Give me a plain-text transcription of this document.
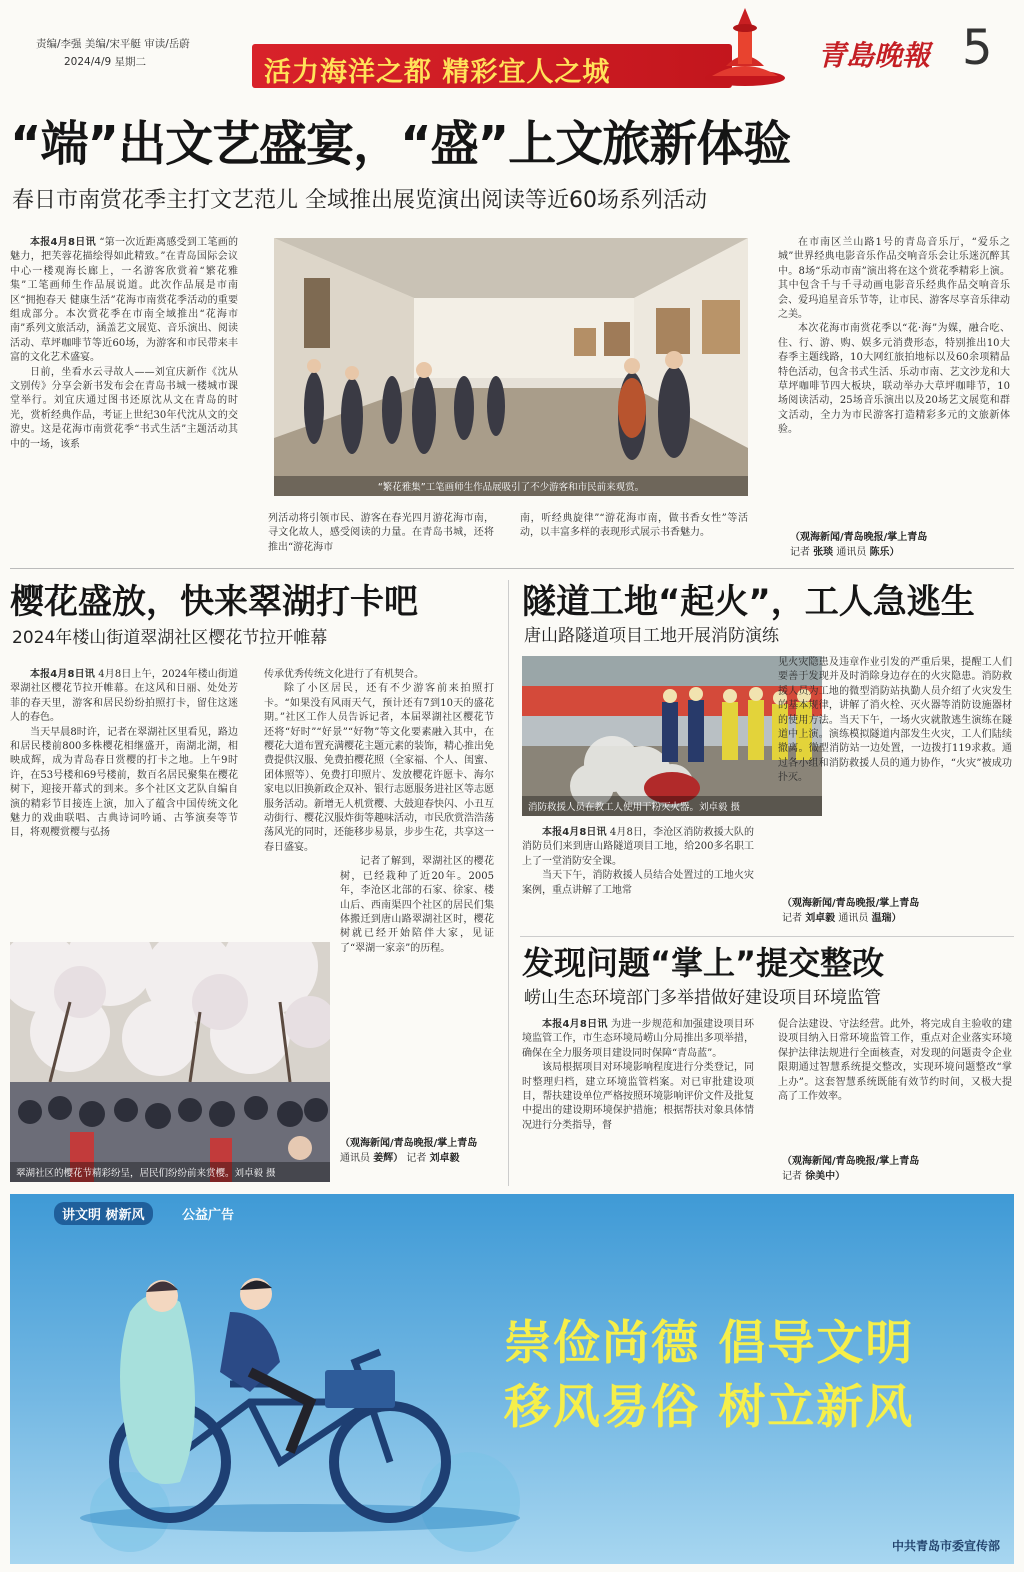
责编/李强 美编/宋平艇 审读/岳蔚
2024/4/9 星期二	活力海洋之都 精彩宜人之城
青島晚報 5
“端”出文艺盛宴，“盛”上文旅新体验
春日市南赏花季主打文艺范儿 全域推出展览演出阅读等近60场系列活动

本报4月8日讯 “第一次近距离感受到工笔画的魅力，把芙蓉花描绘得如此精致。”在青岛国际会议中心一楼观海长廊上，一名游客欣赏着“繁花雅集”工笔画师生作品展说道。此次作品展是市南区“拥抱春天 健康生活”花海市南赏花季活动的重要组成部分。本次赏花季在市南全域推出“花海市南”系列文旅活动，涵盖艺文展览、音乐演出、阅读活动、草坪咖啡节等近60场，为游客和市民带来丰富的文化艺术盛宴。

日前，坐看水云寻故人——刘宜庆新作《沈从文别传》分享会新书发布会在青岛书城一楼城市课堂举行。刘宜庆通过图书还原沈从文在青岛的时光，赏析经典作品，考证上世纪30年代沈从文的交游史。这是花海市南赏花季“书式生活”主题活动其中的一场，该系

“繁花雅集”工笔画师生作品展吸引了不少游客和市民前来观赏。

列活动将引领市民、游客在春光四月游花海市南，寻文化故人，感受阅读的力量。在青岛书城，还将推出“游花海市

南，听经典旋律”“游花海市南，做书香女性”等活动，以丰富多样的表现形式展示书香魅力。

在市南区兰山路1号的青岛音乐厅，“爱乐之城”世界经典电影音乐作品交响音乐会让乐迷沉醉其中。8场“乐动市南”演出将在这个赏花季精彩上演。其中包含千与千寻动画电影音乐经典作品交响音乐会、爱玛追星音乐节等，让市民、游客尽享音乐律动之美。

本次花海市南赏花季以“花·海”为媒，融合吃、住、行、游、购、娱多元消费形态，特别推出10大春季主题线路，10大网红旅拍地标以及60余项精品特色活动，包含书式生活、乐动市南、艺文沙龙和大草坪咖啡节四大板块，联动举办大草坪咖啡节，10场阅读活动，25场音乐演出以及20场艺文展览和群文活动，全力为市民游客打造精彩多元的文旅新体验。

（观海新闻/青岛晚报/掌上青岛
记者 张琰 通讯员 陈乐）
樱花盛放，快来翠湖打卡吧
2024年楼山街道翠湖社区樱花节拉开帷幕

本报4月8日讯 4月8日上午，2024年楼山街道翠湖社区樱花节拉开帷幕。在这风和日丽、处处芳菲的春天里，游客和居民纷纷拍照打卡，留住这迷人的春色。

当天早晨8时许，记者在翠湖社区里看见，路边和居民楼前800多株樱花相继盛开，南湖北湖，相映成辉，成为青岛春日赏樱的打卡之地。上午9时许，在53号楼和69号楼前，数百名居民聚集在樱花树下，迎接开幕式的到来。多个社区文艺队自编自演的精彩节目接连上演，加入了蕴含中国传统文化魅力的戏曲联唱、古典诗词吟诵、古筝演奏等节目，将观樱赏樱与弘扬

传承优秀传统文化进行了有机契合。

除了小区居民，还有不少游客前来拍照打卡。“如果没有风雨天气，预计还有7到10天的盛花期。”社区工作人员告诉记者，本届翠湖社区樱花节还将“好时”“好景”“好物”等文化要素融入其中，在樱花大道布置充满樱花主题元素的装饰，精心推出免费提供汉服、免费拍樱花照（全家福、个人、闺蜜、团体照等）、免费打印照片、发放樱花许愿卡、海尔家电以旧换新政企双补、银行志愿服务进社区等志愿服务活动。新增无人机赏樱、大鼓迎春快闪、小丑互动街行、樱花汉服炸街等趣味活动，市民欣赏浩浩荡荡风光的同时，还能移步易景，步步生花，共享这一春日盛宴。

记者了解到，翠湖社区的樱花树，已经栽种了近20年。2005年，李沧区北部的石家、徐家、楼山后、西南渠四个社区的居民们集体搬迁到唐山路翠湖社区时，樱花树就已经开始陪伴大家，见证了“翠湖一家亲”的历程。

翠湖社区的樱花节精彩纷呈，居民们纷纷前来赏樱。刘卓毅 摄
（观海新闻/青岛晚报/掌上青岛
通讯员 姜辉） 记者 刘卓毅
隧道工地“起火”，工人急逃生
唐山路隧道项目工地开展消防演练
消防救援人员在教工人使用干粉灭火器。刘卓毅 摄

本报4月8日讯 4月8日，李沧区消防救援大队的消防员们来到唐山路隧道项目工地，给200多名职工上了一堂消防安全课。

当天下午，消防救援人员结合处置过的工地火灾案例，重点讲解了工地常

见火灾隐患及违章作业引发的严重后果，提醒工人们要善于发现并及时消除身边存在的火灾隐患。消防救援人员为工地的微型消防站执勤人员介绍了火灾发生的基本规律，讲解了消火栓、灭火器等消防设施器材的使用方法。当天下午，一场火灾就散逃生演练在隧道中上演。演练模拟隧道内部发生火灾，工人们陆续撤离。微型消防站一边处置，一边拨打119求救。通过各小组和消防救援人员的通力协作，“火灾”被成功扑灭。

（观海新闻/青岛晚报/掌上青岛
记者 刘卓毅 通讯员 温瑞）
发现问题“掌上”提交整改
崂山生态环境部门多举措做好建设项目环境监管

本报4月8日讯 为进一步规范和加强建设项目环境监管工作，市生态环境局崂山分局推出多项举措，确保在全力服务项目建设同时保障“青岛蓝”。

该局根据项目对环境影响程度进行分类登记，同时整理归档，建立环境监管档案。对已审批建设项目，帮扶建设单位严格按照环境影响评价文件及批复中提出的建设期环境保护措施；根据帮扶对象具体情况进行分类指导，督

促合法建设、守法经营。此外，将完成自主验收的建设项目纳入日常环境监管工作，重点对企业落实环境保护法律法规进行全面核查，对发现的问题责令企业限期通过智慧系统提交整改，实现环境问题整改“掌上办”。这套智慧系统既能有效节约时间，又极大提高了工作效率。

（观海新闻/青岛晚报/掌上青岛
记者 徐美中）
讲文明 树新风	公益广告
崇俭尚德 倡导文明
移风易俗 树立新风
中共青岛市委宣传部
